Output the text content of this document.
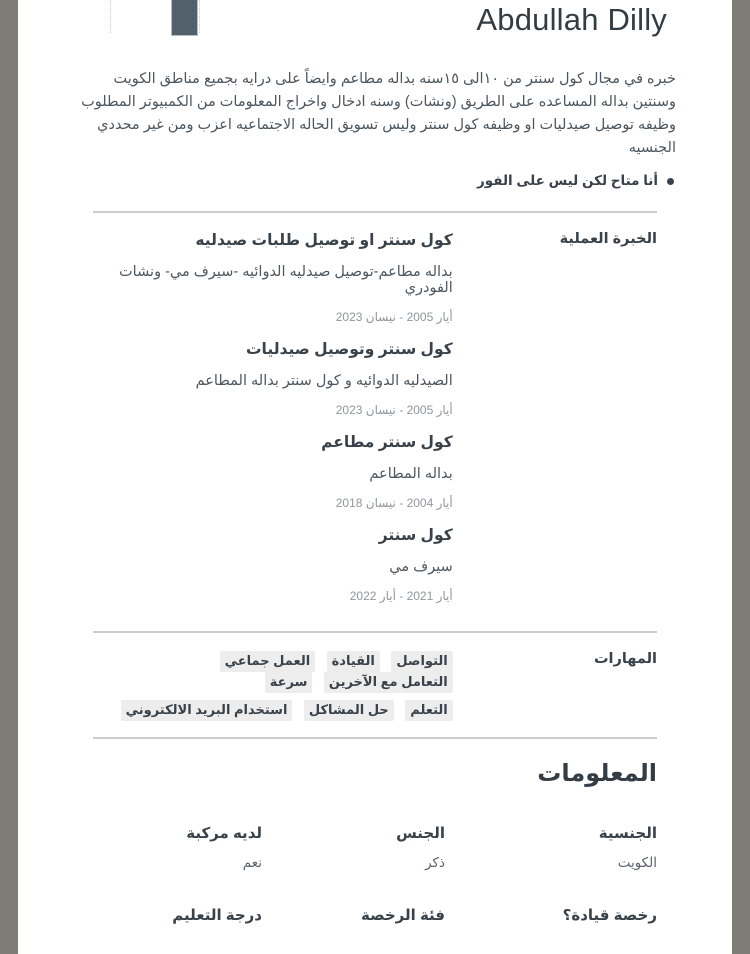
Abdullah Dilly

خبره في مجال كول سنتر من ١٠الى ١٥سنه بداله مطاعم وايضاً على درايه بجميع مناطق الكويت وسنتين بداله المساعده على الطريق (ونشات) وسنه ادخال واخراج المعلومات من الكمبيوتر المطلوب وظيفه توصيل صيدليات او وظيفه كول سنتر وليس تسويق الحاله الاجتماعيه اعزب ومن غير محددي الجنسيه

أنا متاح لكن ليس على الفور
الخبرة العملية
كول سنتر او توصيل طلبات صيدليه
بداله مطاعم-توصيل صيدليه الدوائيه -سيرف مي- ونشات الفودري
أيار 2005 - نيسان 2023
كول سنتر وتوصيل صيدليات
الصيدليه الدوائيه و كول سنتر بداله المطاعم
أيار 2005 - نيسان 2023
كول سنتر مطاعم
بداله المطاعم
أيار 2004 - نيسان 2018
كول سنتر
سيرف مي
أيار 2021 - أيار 2022
المهارات
التواصل القيادة العمل جماعي التعامل مع الآخرين سرعة
التعلم حل المشاكل استخدام البريد الالكتروني
المعلومات
الجنسية
الكويت
الجنس
ذكر
لديه مركبة
نعم
رخصة قيادة؟
فئة الرخصة
درجة التعليم
